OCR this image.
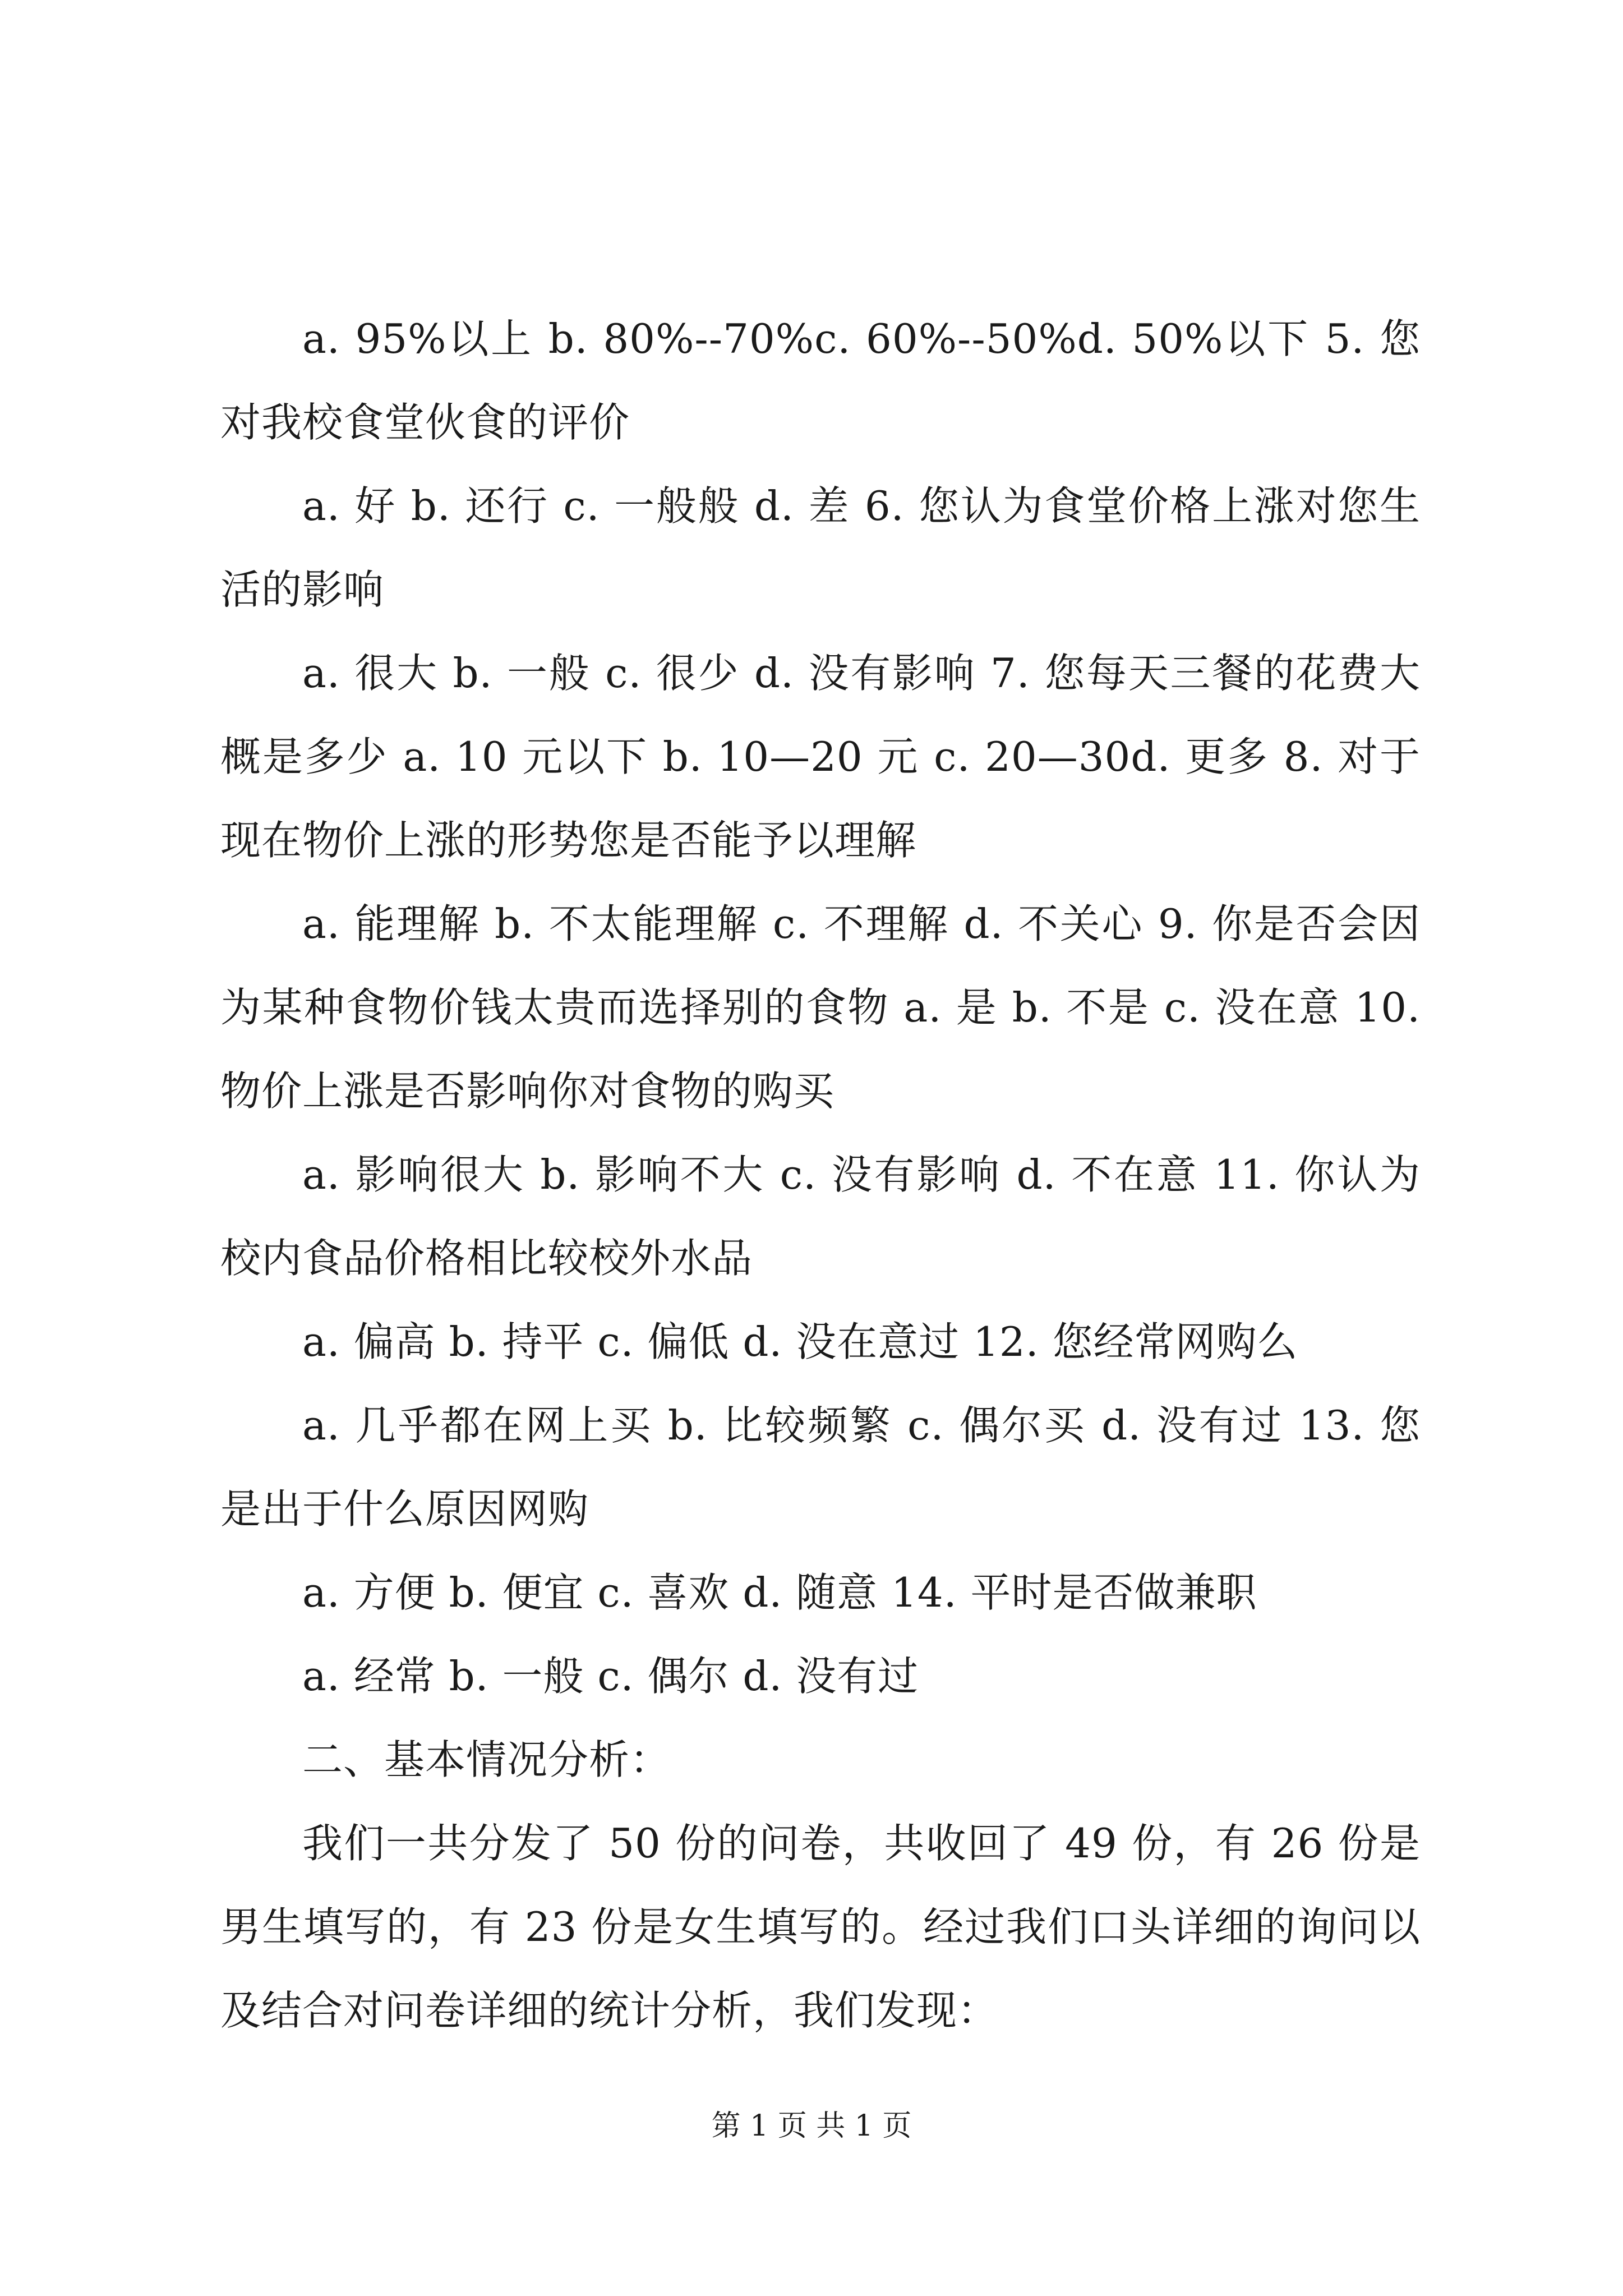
a. 95%以上 b. 80%--70%c. 60%--50%d. 50%以下 5. 您对我校食堂伙食的评价

a. 好 b. 还行 c. 一般般 d. 差 6. 您认为食堂价格上涨对您生活的影响

a. 很大 b. 一般 c. 很少 d. 没有影响 7. 您每天三餐的花费大概是多少 a. 10 元以下 b. 10—20 元 c. 20—30d. 更多 8. 对于现在物价上涨的形势您是否能予以理解

a. 能理解 b. 不太能理解 c. 不理解 d. 不关心 9. 你是否会因为某种食物价钱太贵而选择别的食物 a. 是 b. 不是 c. 没在意 10. 物价上涨是否影响你对食物的购买

a. 影响很大 b. 影响不大 c. 没有影响 d. 不在意 11. 你认为校内食品价格相比较校外水品

a. 偏高 b. 持平 c. 偏低 d. 没在意过 12. 您经常网购么

a. 几乎都在网上买 b. 比较频繁 c. 偶尔买 d. 没有过 13. 您是出于什么原因网购

a. 方便 b. 便宜 c. 喜欢 d. 随意 14. 平时是否做兼职

a. 经常 b. 一般 c. 偶尔 d. 没有过

二、基本情况分析：

我们一共分发了 50 份的问卷，共收回了 49 份，有 26 份是男生填写的，有 23 份是女生填写的。经过我们口头详细的询问以及结合对问卷详细的统计分析，我们发现：

第 1 页 共 1 页
